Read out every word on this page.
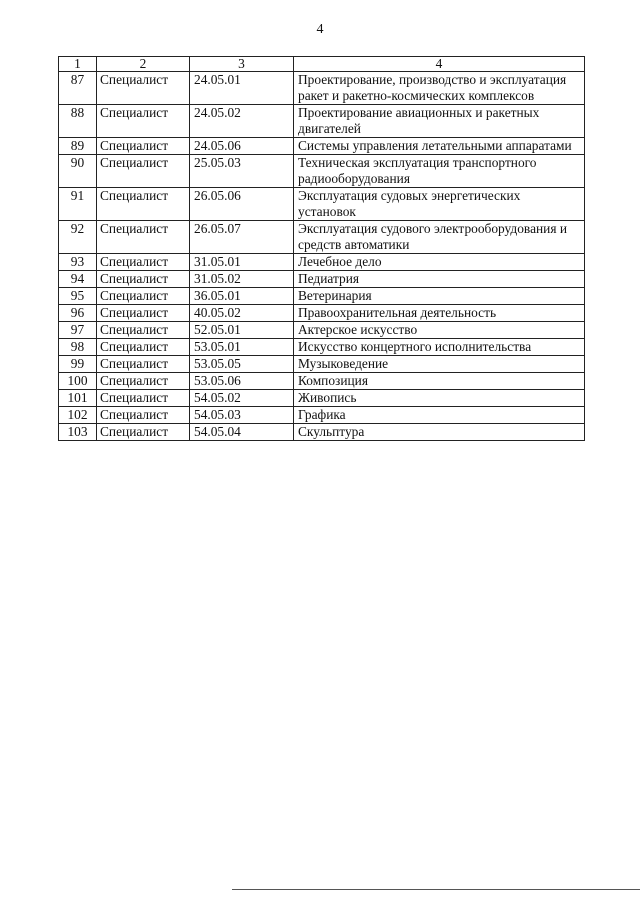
4
1	2	3	4
87	Специалист	24.05.01	Проектирование, производство и эксплуатация ракет и ракетно-космических комплексов
88	Специалист	24.05.02	Проектирование авиационных и ракетных двигателей
89	Специалист	24.05.06	Системы управления летательными аппаратами
90	Специалист	25.05.03	Техническая эксплуатация транспортного радиооборудования
91	Специалист	26.05.06	Эксплуатация судовых энергетических установок
92	Специалист	26.05.07	Эксплуатация судового электрооборудования и средств автоматики
93	Специалист	31.05.01	Лечебное дело
94	Специалист	31.05.02	Педиатрия
95	Специалист	36.05.01	Ветеринария
96	Специалист	40.05.02	Правоохранительная деятельность
97	Специалист	52.05.01	Актерское искусство
98	Специалист	53.05.01	Искусство концертного исполнительства
99	Специалист	53.05.05	Музыковедение
100	Специалист	53.05.06	Композиция
101	Специалист	54.05.02	Живопись
102	Специалист	54.05.03	Графика
103	Специалист	54.05.04	Скульптура
